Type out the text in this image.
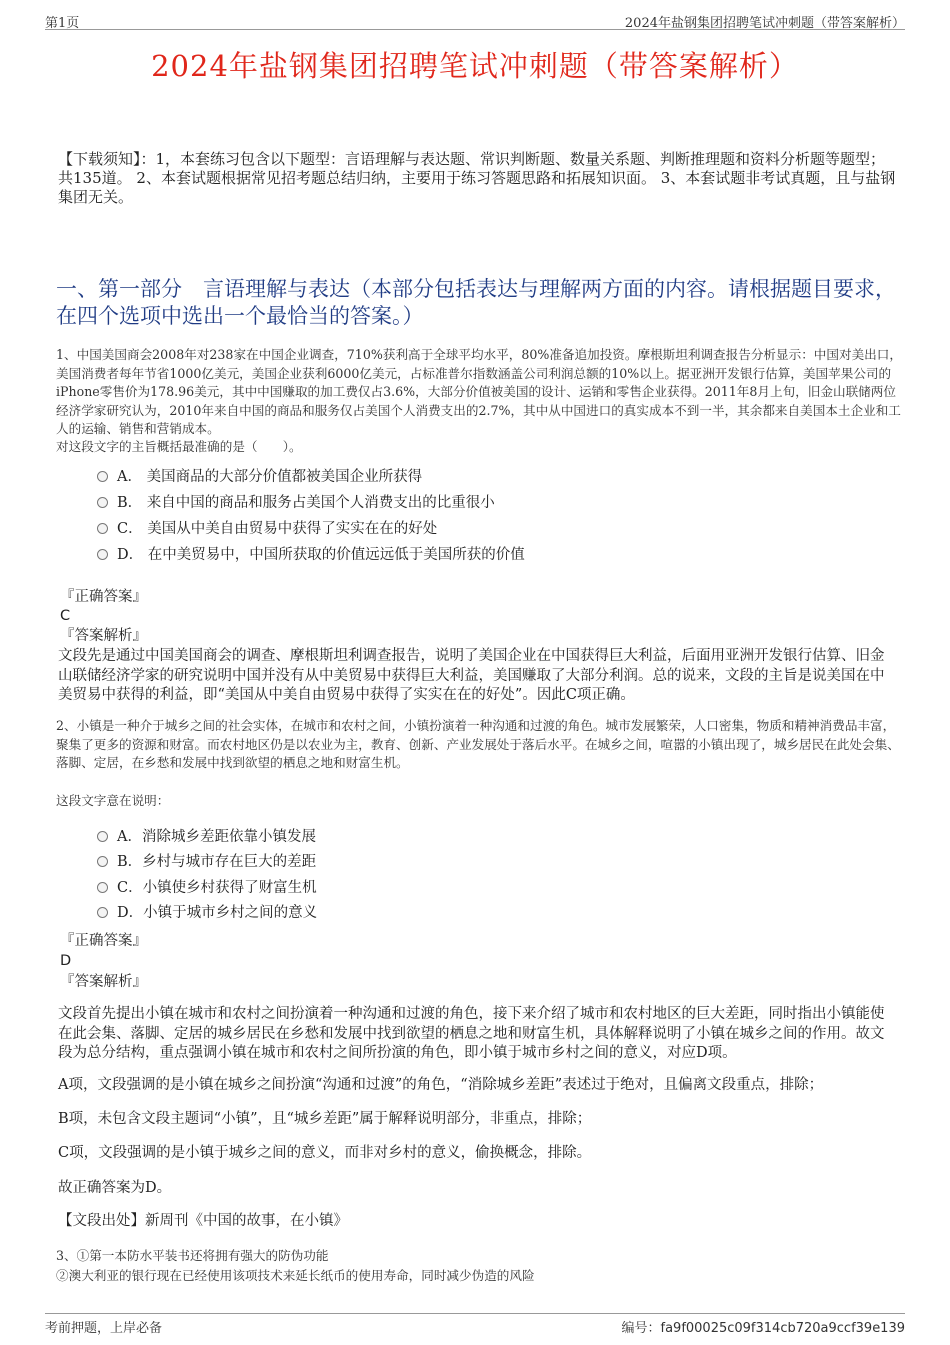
第1页	2024年盐钢集团招聘笔试冲刺题（带答案解析）
2024年盐钢集团招聘笔试冲刺题（带答案解析）
【下载须知】：1，本套练习包含以下题型：言语理解与表达题、常识判断题、数量关系题、判断推理题和资料分析题等题型；共135道。 2、本套试题根据常见招考题总结归纳，主要用于练习答题思路和拓展知识面。 3、本套试题非考试真题，且与盐钢集团无关。
一、第一部分　言语理解与表达（本部分包括表达与理解两方面的内容。请根据题目要求，在四个选项中选出一个最恰当的答案。）
1、中国美国商会2008年对238家在中国企业调查，710%获利高于全球平均水平，80%准备追加投资。摩根斯坦利调查报告分析显示：中国对美出口，美国消费者每年节省1000亿美元，美国企业获利6000亿美元，占标准普尔指数涵盖公司利润总额的10%以上。据亚洲开发银行估算，美国苹果公司的iPhone零售价为178.96美元，其中中国赚取的加工费仅占3.6%，大部分价值被美国的设计、运销和零售企业获得。2011年8月上旬，旧金山联储两位经济学家研究认为，2010年来自中国的商品和服务仅占美国个人消费支出的2.7%，其中从中国进口的真实成本不到一半，其余都来自美国本土企业和工人的运输、销售和营销成本。
对这段文字的主旨概括最准确的是（　　）。
A． 美国商品的大部分价值都被美国企业所获得
B． 来自中国的商品和服务占美国个人消费支出的比重很小
C． 美国从中美自由贸易中获得了实实在在的好处
D． 在中美贸易中，中国所获取的价值远远低于美国所获的价值
『正确答案』
C
『答案解析』
文段先是通过中国美国商会的调查、摩根斯坦利调查报告，说明了美国企业在中国获得巨大利益，后面用亚洲开发银行估算、旧金山联储经济学家的研究说明中国并没有从中美贸易中获得巨大利益，美国赚取了大部分利润。总的说来，文段的主旨是说美国在中美贸易中获得的利益，即“美国从中美自由贸易中获得了实实在在的好处”。因此C项正确。
2、小镇是一种介于城乡之间的社会实体，在城市和农村之间，小镇扮演着一种沟通和过渡的角色。城市发展繁荣，人口密集，物质和精神消费品丰富，聚集了更多的资源和财富。而农村地区仍是以农业为主，教育、创新、产业发展处于落后水平。在城乡之间，喧嚣的小镇出现了，城乡居民在此处会集、落脚、定居，在乡愁和发展中找到欲望的栖息之地和财富生机。
这段文字意在说明：
A．消除城乡差距依靠小镇发展
B．乡村与城市存在巨大的差距
C．小镇使乡村获得了财富生机
D．小镇于城市乡村之间的意义
『正确答案』
D
『答案解析』
文段首先提出小镇在城市和农村之间扮演着一种沟通和过渡的角色，接下来介绍了城市和农村地区的巨大差距，同时指出小镇能使在此会集、落脚、定居的城乡居民在乡愁和发展中找到欲望的栖息之地和财富生机，具体解释说明了小镇在城乡之间的作用。故文段为总分结构，重点强调小镇在城市和农村之间所扮演的角色，即小镇于城市乡村之间的意义，对应D项。
A项，文段强调的是小镇在城乡之间扮演“沟通和过渡”的角色，“消除城乡差距”表述过于绝对，且偏离文段重点，排除；
B项，未包含文段主题词“小镇”，且“城乡差距”属于解释说明部分，非重点，排除；
C项，文段强调的是小镇于城乡之间的意义，而非对乡村的意义，偷换概念，排除。
故正确答案为D。
【文段出处】新周刊《中国的故事，在小镇》
3、①第一本防水平装书还将拥有强大的防伪功能
②澳大利亚的银行现在已经使用该项技术来延长纸币的使用寿命，同时减少伪造的风险
考前押题，上岸必备	编号：fa9f00025c09f314cb720a9ccf39e139
